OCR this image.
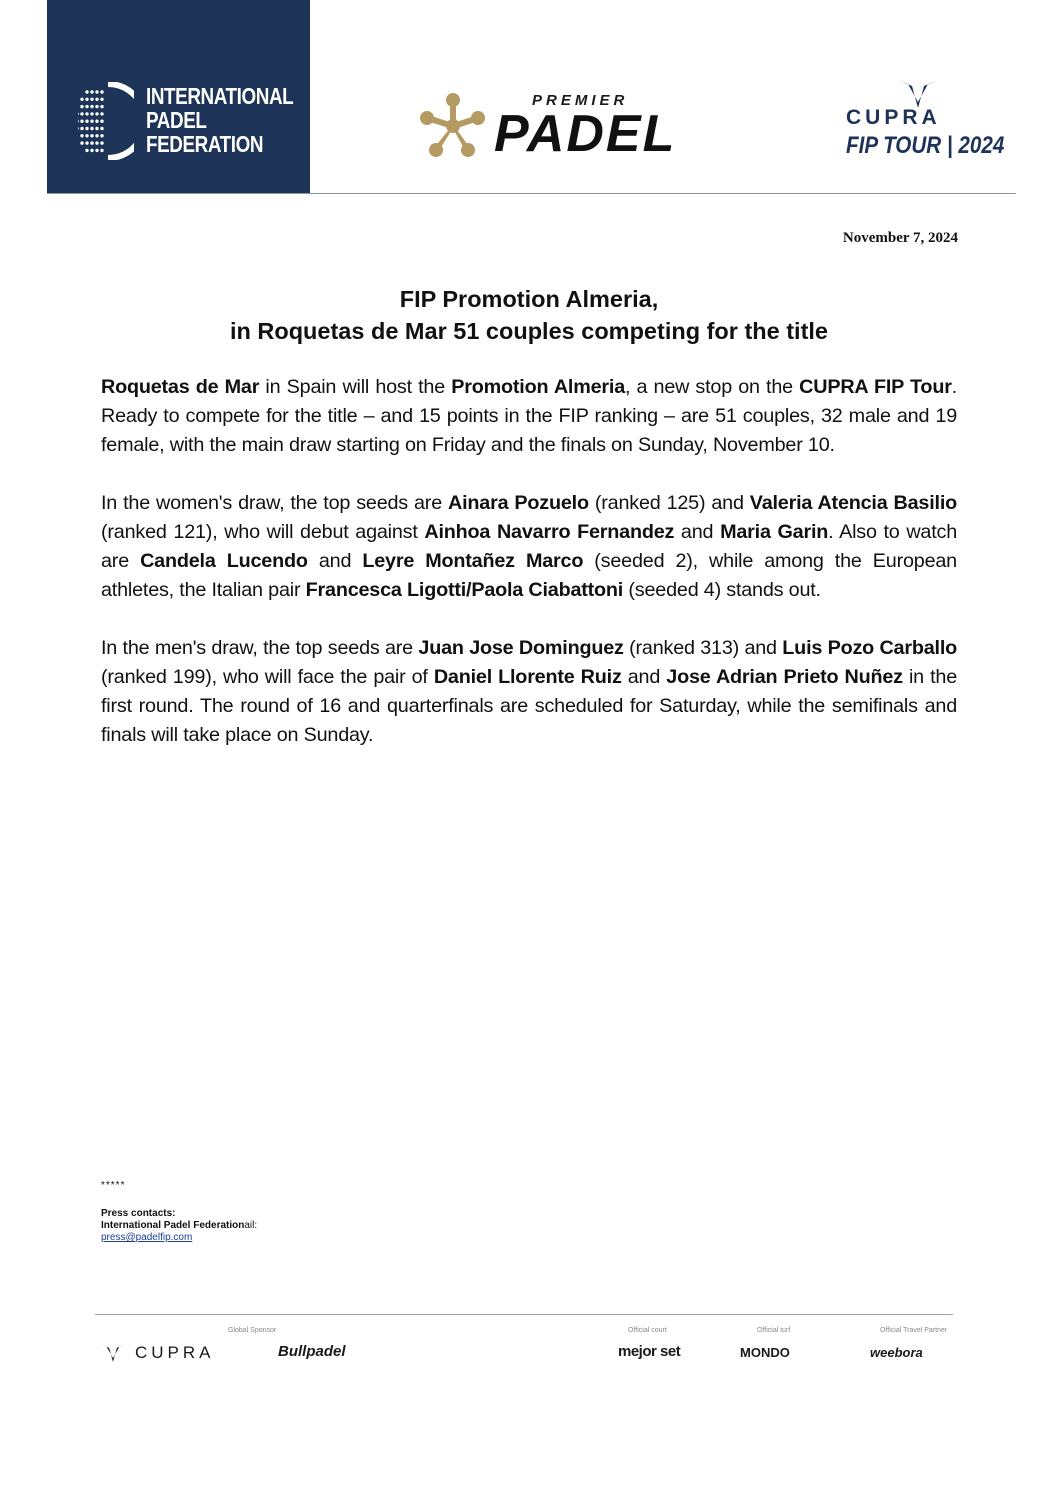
INTERNATIONAL
PADEL
FEDERATION
PREMIER
PADEL	CUPRA
FIP TOUR | 2024
November 7, 2024
FIP Promotion Almeria,
in Roquetas de Mar 51 couples competing for the title

Roquetas de Mar in Spain will host the Promotion Almeria, a new stop on the CUPRA FIP Tour. Ready to compete for the title – and 15 points in the FIP ranking – are 51 couples, 32 male and 19 female, with the main draw starting on Friday and the finals on Sunday, November 10.

In the women's draw, the top seeds are Ainara Pozuelo (ranked 125) and Valeria Atencia Basilio (ranked 121), who will debut against Ainhoa Navarro Fernandez and Maria Garin. Also to watch are Candela Lucendo and Leyre Montañez Marco (seeded 2), while among the European athletes, the Italian pair Francesca Ligotti/Paola Ciabattoni (seeded 4) stands out.

In the men's draw, the top seeds are Juan Jose Dominguez (ranked 313) and Luis Pozo Carballo (ranked 199), who will face the pair of Daniel Llorente Ruiz and Jose Adrian Prieto Nuñez in the first round. The round of 16 and quarterfinals are scheduled for Saturday, while the semifinals and finals will take place on Sunday.

*****
Press contacts:
International Padel Federationail:
press@padelfip.com
Global Sponsor	Official court	Official turf	Official Travel Partner
CUPRA	Bullpadel	mejor set	MONDO	weebora
